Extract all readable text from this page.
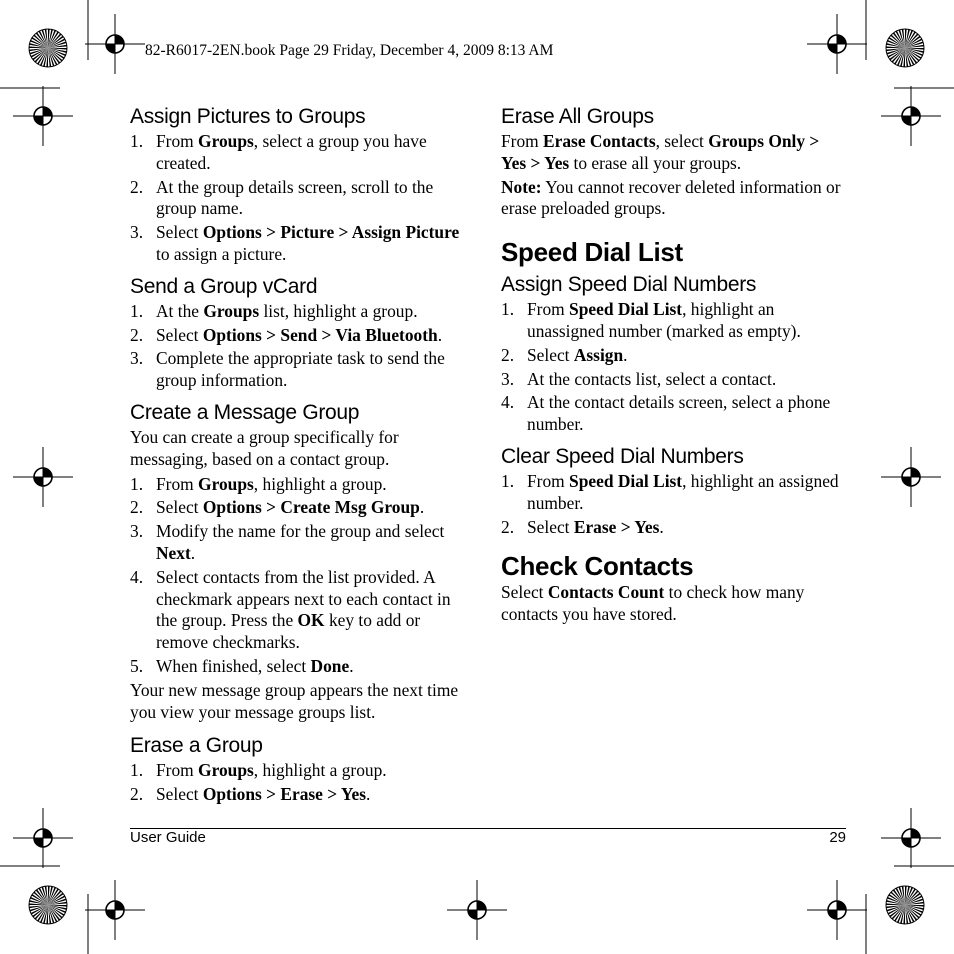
82-R6017-2EN.book Page 29 Friday, December 4, 2009 8:13 AM
Assign Pictures to Groups
1. From Groups, select a group you have created.
2. At the group details screen, scroll to the group name.
3. Select Options > Picture > Assign Picture to assign a picture.
Send a Group vCard
1. At the Groups list, highlight a group.
2. Select Options > Send > Via Bluetooth.
3. Complete the appropriate task to send the group information.
Create a Message Group
You can create a group specifically for messaging, based on a contact group.
1. From Groups, highlight a group.
2. Select Options > Create Msg Group.
3. Modify the name for the group and select Next.
4. Select contacts from the list provided. A checkmark appears next to each contact in the group. Press the OK key to add or remove checkmarks.
5. When finished, select Done.
Your new message group appears the next time you view your message groups list.
Erase a Group
1. From Groups, highlight a group.
2. Select Options > Erase > Yes.
Erase All Groups
From Erase Contacts, select Groups Only > Yes > Yes to erase all your groups.
Note: You cannot recover deleted information or erase preloaded groups.
Speed Dial List
Assign Speed Dial Numbers
1. From Speed Dial List, highlight an unassigned number (marked as empty).
2. Select Assign.
3. At the contacts list, select a contact.
4. At the contact details screen, select a phone number.
Clear Speed Dial Numbers
1. From Speed Dial List, highlight an assigned number.
2. Select Erase > Yes.
Check Contacts
Select Contacts Count to check how many contacts you have stored.
User Guide	29
